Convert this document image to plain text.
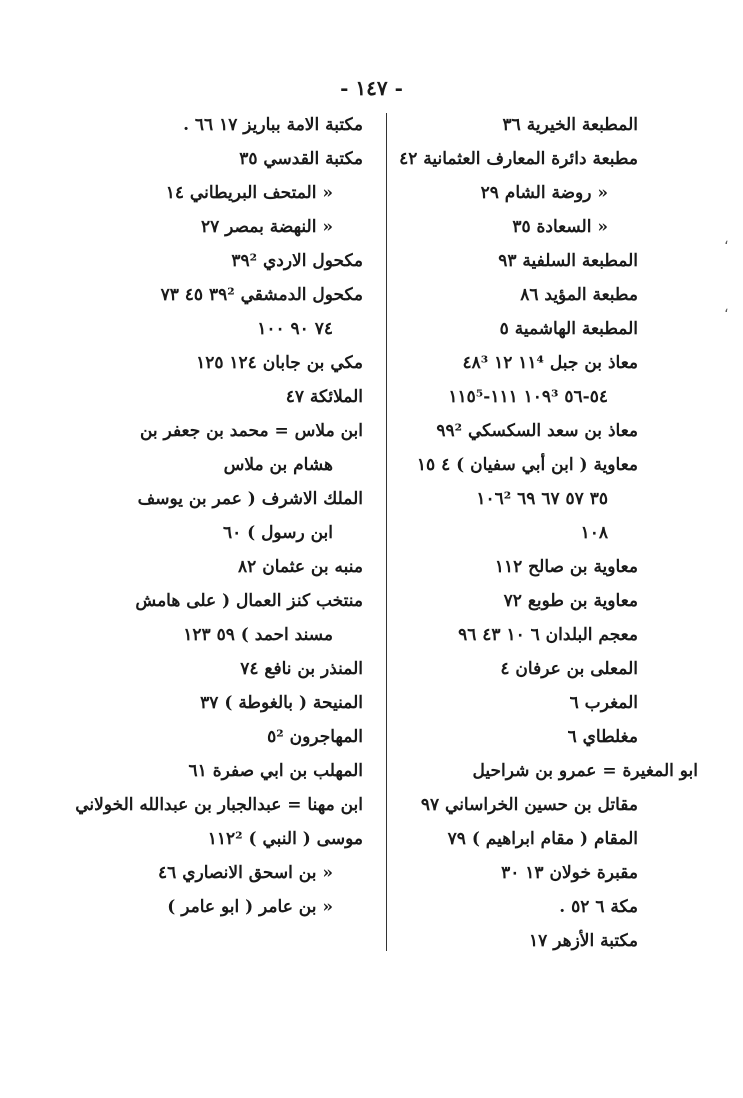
- ١٤٧ -
المطبعة الخيرية ٣٦
مطبعة دائرة المعارف العثمانية ٤٢
« روضة الشام ٢٩
« السعادة ٣٥
المطبعة السلفية ٩٣
مطبعة المؤيد ٨٦
المطبعة الهاشمية ٥
معاذ بن جبل ١١⁴ ١٢ ٤٨³
٥٤-٥٦ ١٠٩³ ١١١-١١٥⁵
معاذ بن سعد السكسكي ٩٩²
معاوية ( ابن أبي سفيان ) ٤ ١٥
٣٥ ٥٧ ٦٧ ٦٩ ١٠٦²
١٠٨
معاوية بن صالح ١١٢
معاوية بن طوبع ٧٢
معجم البلدان ٦ ١٠ ٤٣ ٩٦
المعلى بن عرفان ٤
المغرب ٦
مغلطاي ٦
ابو المغيرة = عمرو بن شراحيل
مقاتل بن حسين الخراساني ٩٧
المقام ( مقام ابراهيم ) ٧٩
مقبرة خولان ١٣ ٣٠
مكة ٦ ٥٢ .
مكتبة الأزهر ١٧
مكتبة الامة بباريز ١٧ ٦٦ .
مكتبة القدسي ٣٥
« المتحف البريطاني ١٤
« النهضة بمصر ٢٧
مكحول الاردي ٣٩²
مكحول الدمشقي ٣٩² ٤٥ ٧٣
٧٤ ٩٠ ١٠٠
مكي بن جابان ١٢٤ ١٢٥
الملائكة ٤٧
ابن ملاس = محمد بن جعفر بن
هشام بن ملاس
الملك الاشرف ( عمر بن يوسف
ابن رسول ) ٦٠
منبه بن عثمان ٨٢
منتخب كنز العمال ( على هامش
مسند احمد ) ٥٩ ١٢٣
المنذر بن نافع ٧٤
المنيحة ( بالغوطة ) ٣٧
المهاجرون ٥²
المهلب بن ابي صفرة ٦١
ابن مهنا = عبدالجبار بن عبدالله الخولاني
موسى ( النبي ) ١١٢²
« بن اسحق الانصاري ٤٦
« بن عامر ( ابو عامر )
،
،
